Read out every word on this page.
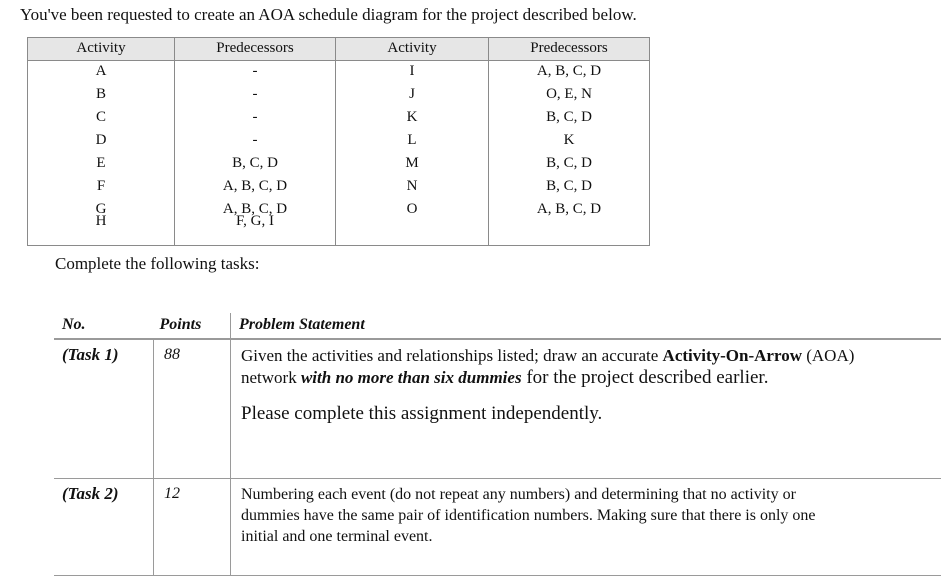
You've been requested to create an AOA schedule diagram for the project described below.
Activity	Predecessors	Activity	Predecessors
A	-	I	A, B, C, D
B	-	J	O, E, N
C	-	K	B, C, D
D	-	L	K
E	B, C, D	M	B, C, D
F	A, B, C, D	N	B, C, D
G	A, B, C, D	O	A, B, C, D
H	F, G, I		
Complete the following tasks:
No.	Points	Problem Statement
(Task 1)	88	Given the activities and relationships listed; draw an accurate Activity-On-Arrow (AOA)
network with no more than six dummies for the project described earlier.
Please complete this assignment independently.

(Task 2)	12	Numbering each event (do not repeat any numbers) and determining that no activity or
dummies have the same pair of identification numbers. Making sure that there is only one
initial and one terminal event.
